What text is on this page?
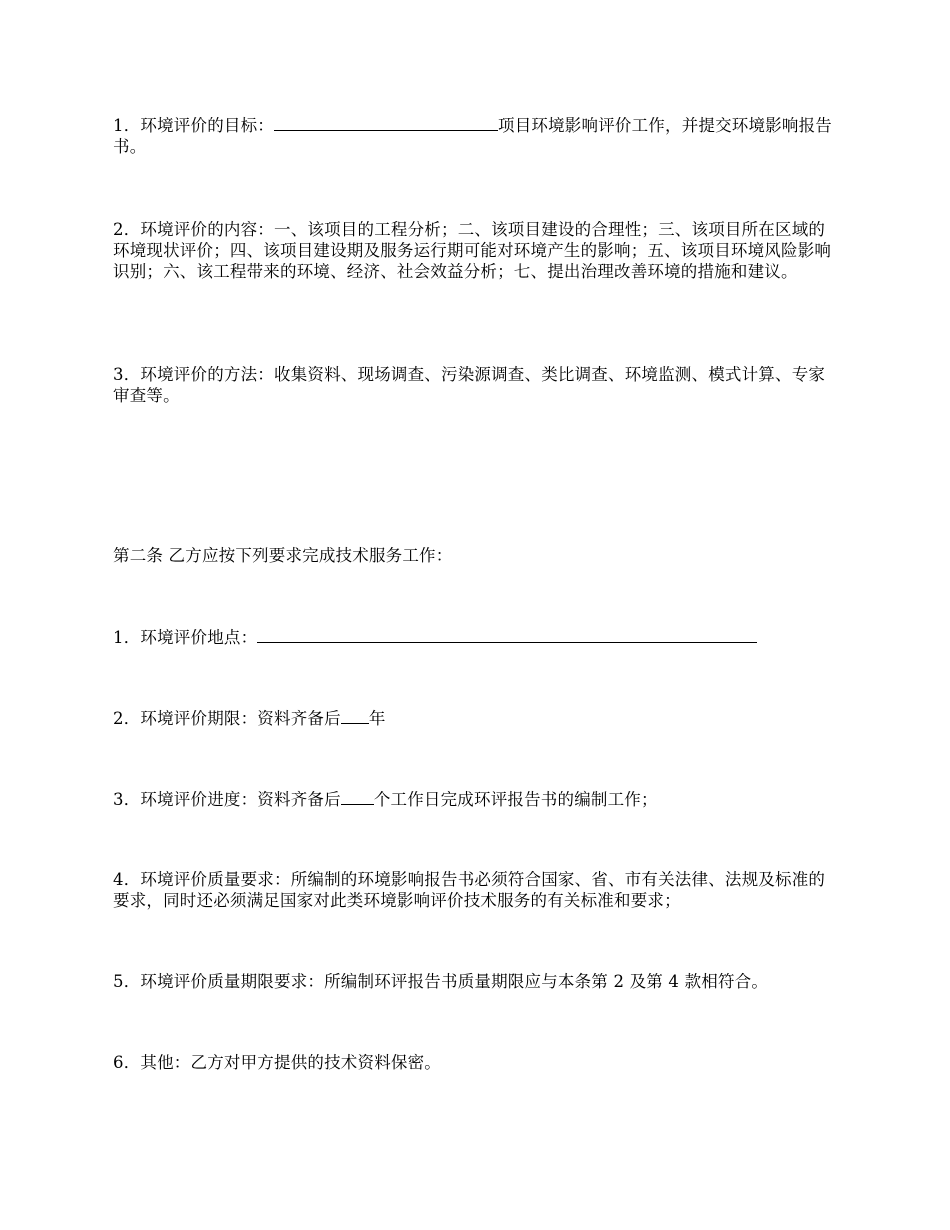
1．环境评价的目标：	项目环境影响评价工作，并提交环境影响报告书。
2．环境评价的内容：一、该项目的工程分析；二、该项目建设的合理性；三、该项目所在区域的环境现状评价；四、该项目建设期及服务运行期可能对环境产生的影响；五、该项目环境风险影响识别；六、该工程带来的环境、经济、社会效益分析；七、提出治理改善环境的措施和建议。
3．环境评价的方法：收集资料、现场调查、污染源调查、类比调查、环境监测、模式计算、专家审查等。
第二条 乙方应按下列要求完成技术服务工作：
1．环境评价地点：
2．环境评价期限：资料齐备后 年
3．环境评价进度：资料齐备后 个工作日完成环评报告书的编制工作；
4．环境评价质量要求：所编制的环境影响报告书必须符合国家、省、市有关法律、法规及标准的要求，同时还必须满足国家对此类环境影响评价技术服务的有关标准和要求；
5．环境评价质量期限要求：所编制环评报告书质量期限应与本条第 2 及第 4 款相符合。
6．其他：乙方对甲方提供的技术资料保密。
